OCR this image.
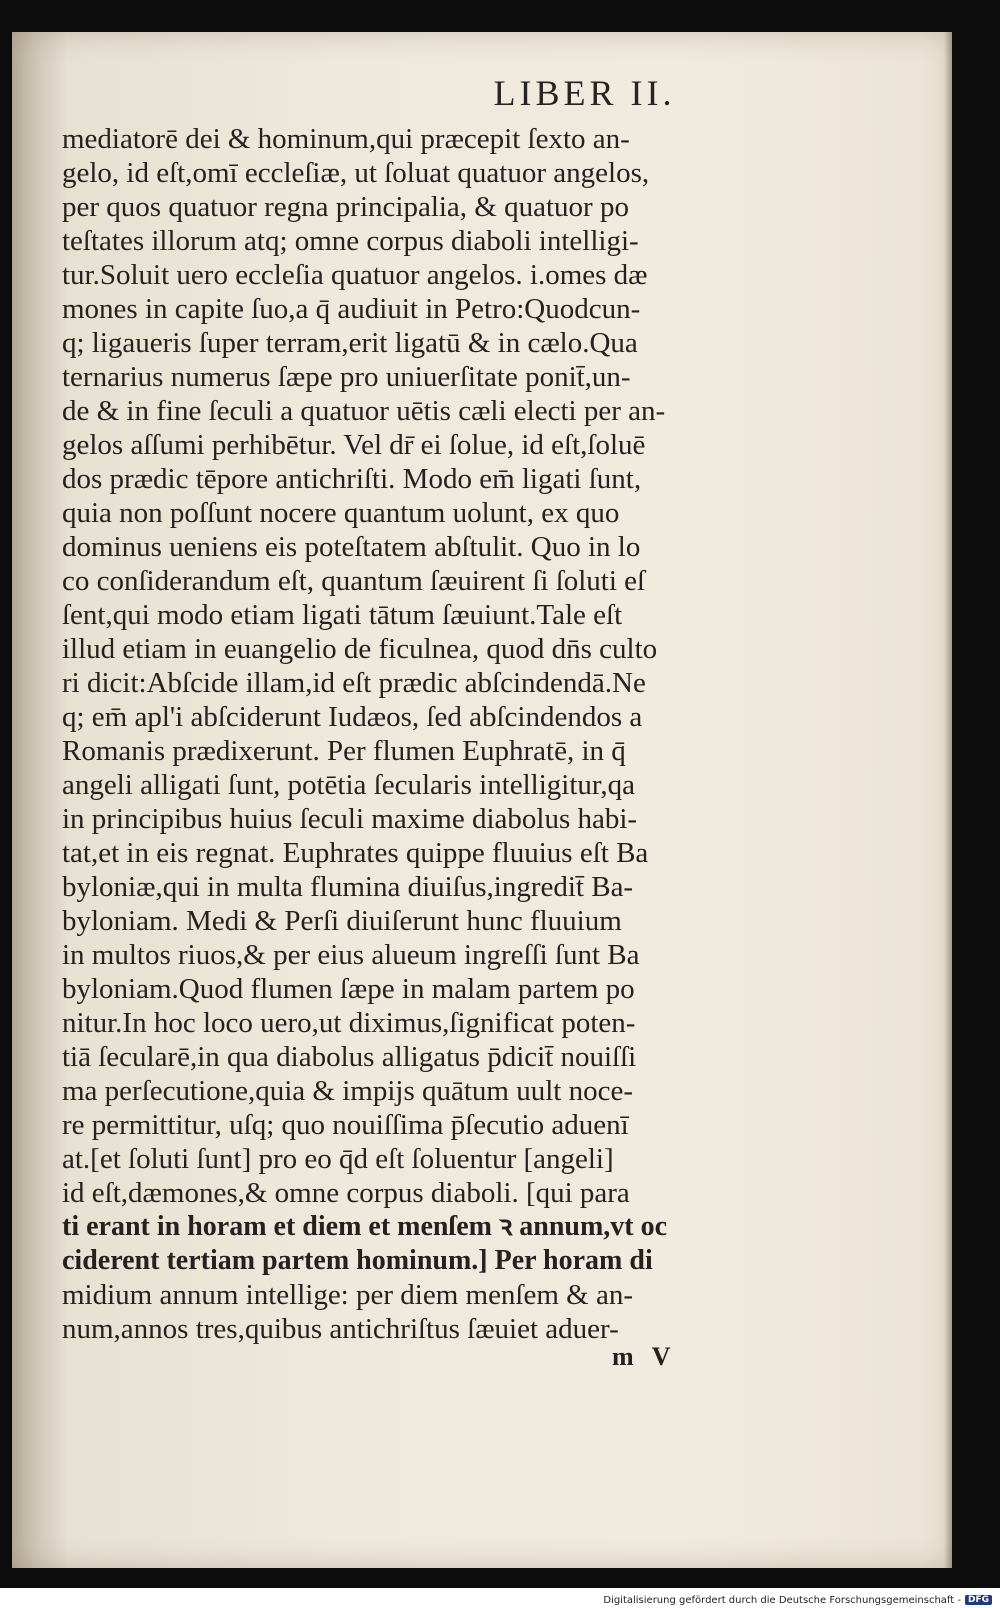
LIBER II.
mediatorē dei & hominum,qui præcepit ſexto an-
gelo, id eſt,omī eccleſiæ, ut ſoluat quatuor angelos,
per quos quatuor regna principalia, & quatuor po
teſtates illorum atq; omne corpus diaboli intelligi-
tur.Soluit uero eccleſia quatuor angelos. i.omes dæ
mones in capite ſuo,a q̄ audiuit in Petro:Quodcun-
q; ligaueris ſuper terram,erit ligatū & in cælo.Qua
ternarius numerus ſæpe pro uniuerſitate ponit̄,un-
de & in fine ſeculi a quatuor uētis cæli electi per an-
gelos aſſumi perhibētur. Vel dr̄ ei ſolue, id eſt,ſoluē
dos prædic tēpore antichriſti. Modo em̄ ligati ſunt,
quia non poſſunt nocere quantum uolunt, ex quo
dominus ueniens eis poteſtatem abſtulit. Quo in lo
co conſiderandum eſt, quantum ſæuirent ſi ſoluti eſ
ſent,qui modo etiam ligati tātum ſæuiunt.Tale eſt
illud etiam in euangelio de ficulnea, quod dn̄s culto
ri dicit:Abſcide illam,id eſt prædic abſcindendā.Ne
q; em̄ apl'i abſciderunt Iudæos, ſed abſcindendos a
Romanis prædixerunt. Per flumen Euphratē, in q̄
angeli alligati ſunt, potētia ſecularis intelligitur,qa
in principibus huius ſeculi maxime diabolus habi-
tat,et in eis regnat. Euphrates quippe fluuius eſt Ba
byloniæ,qui in multa flumina diuiſus,ingredit̄ Ba-
byloniam. Medi & Perſi diuiſerunt hunc fluuium
in multos riuos,& per eius alueum ingreſſi ſunt Ba
byloniam.Quod flumen ſæpe in malam partem po
nitur.In hoc loco uero,ut diximus,ſignificat poten-
tiā ſecularē,in qua diabolus alligatus p̄dicit̄ nouiſſi
ma perſecutione,quia & impijs quātum uult noce-
re permittitur, uſq; quo nouiſſima p̄ſecutio aduenī
at.[et ſoluti ſunt] pro eo q̄d eſt ſoluentur [angeli]
id eſt,dæmones,& omne corpus diaboli. [qui para
ti erant in horam et diem et menſem ꝛ annum,vt oc
ciderent tertiam partem hominum.] Per horam di
midium annum intellige: per diem menſem & an-
num,annos tres,quibus antichriſtus ſæuiet aduer-
m V
Digitalisierung gefördert durch die Deutsche Forschungsgemeinschaft - DFG
